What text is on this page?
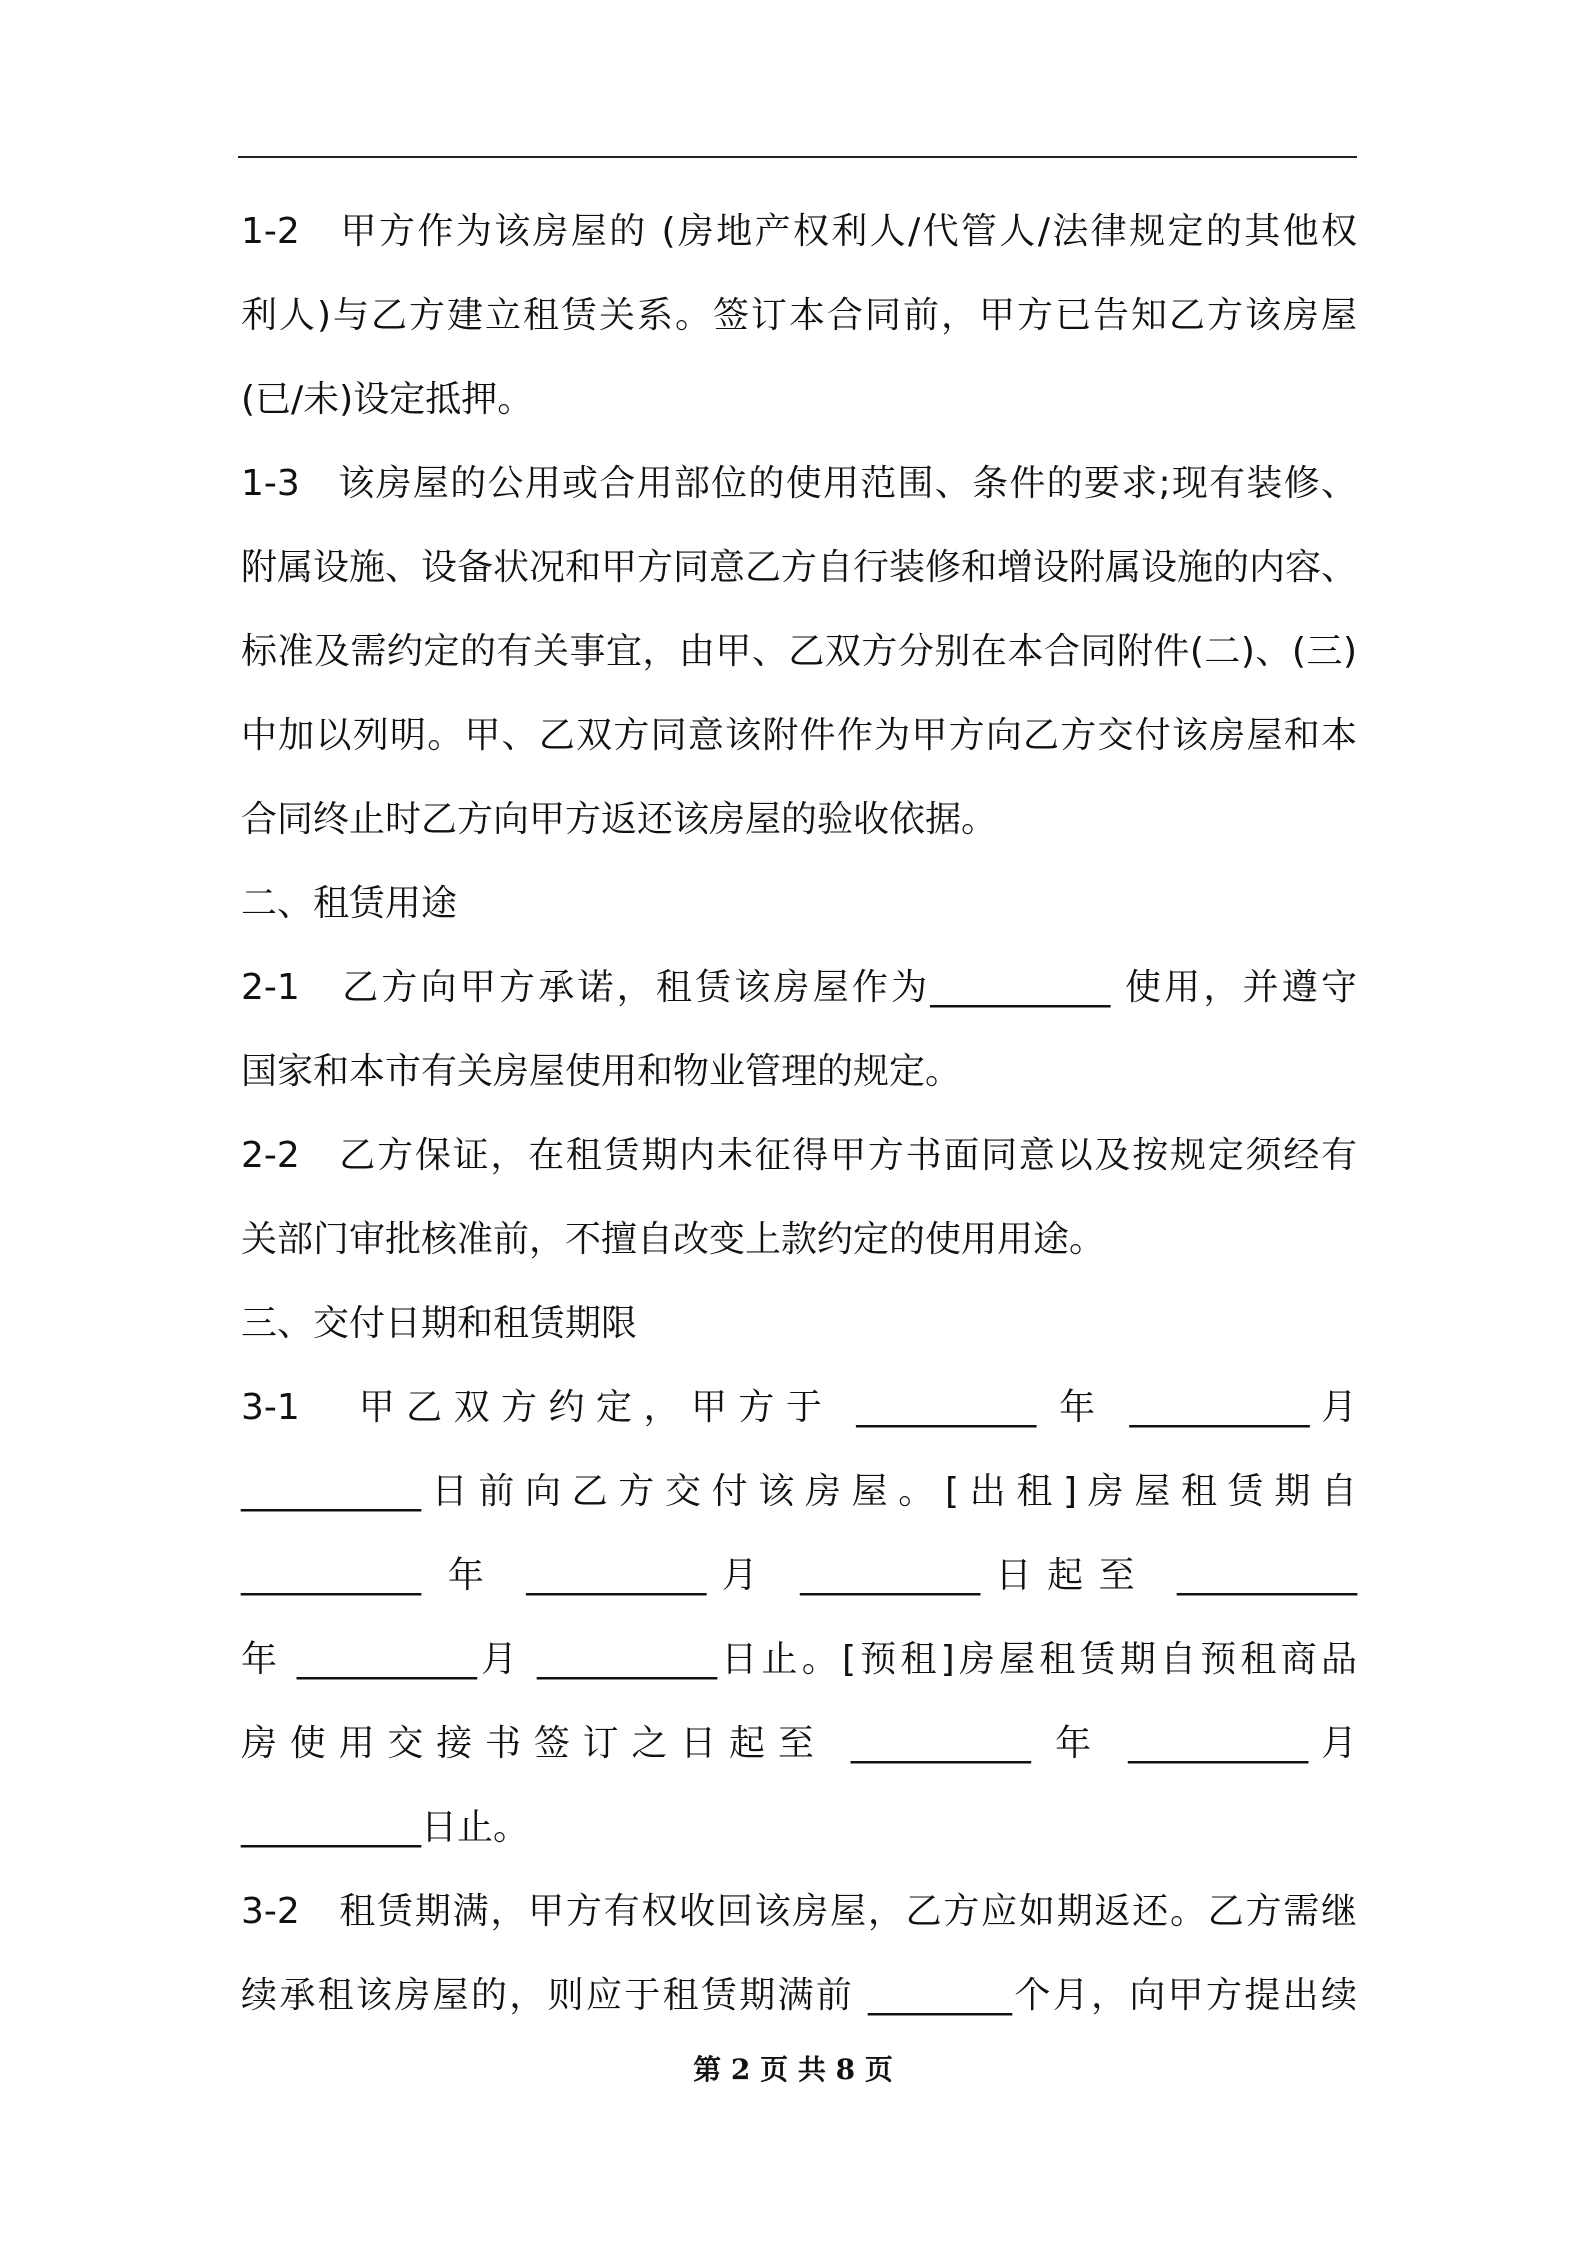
1-2　甲方作为该房屋的 (房地产权利人/代管人/法律规定的其他权
利人)与乙方建立租赁关系。签订本合同前，甲方已告知乙方该房屋
(已/未)设定抵押。
1-3　该房屋的公用或合用部位的使用范围、条件的要求;现有装修、
附属设施、设备状况和甲方同意乙方自行装修和增设附属设施的内容、
标准及需约定的有关事宜，由甲、乙双方分别在本合同附件(二)、(三)
中加以列明。甲、乙双方同意该附件作为甲方向乙方交付该房屋和本
合同终止时乙方向甲方返还该房屋的验收依据。
二、租赁用途
2-1　乙方向甲方承诺，租赁该房屋作为__________ 使用，并遵守
国家和本市有关房屋使用和物业管理的规定。
2-2　乙方保证，在租赁期内未征得甲方书面同意以及按规定须经有
关部门审批核准前，不擅自改变上款约定的使用用途。
三、交付日期和租赁期限
3-1　甲乙双方约定，甲方于 __________ 年 __________月
__________日前向乙方交付该房屋。[出租]房屋租赁期自
__________ 年 __________月 __________日起至 __________
年 __________月 __________日止。[预租]房屋租赁期自预租商品
房使用交接书签订之日起至 __________ 年 __________月
__________日止。
3-2　租赁期满，甲方有权收回该房屋，乙方应如期返还。乙方需继
续承租该房屋的，则应于租赁期满前 ________个月，向甲方提出续
第 2 页 共 8 页
